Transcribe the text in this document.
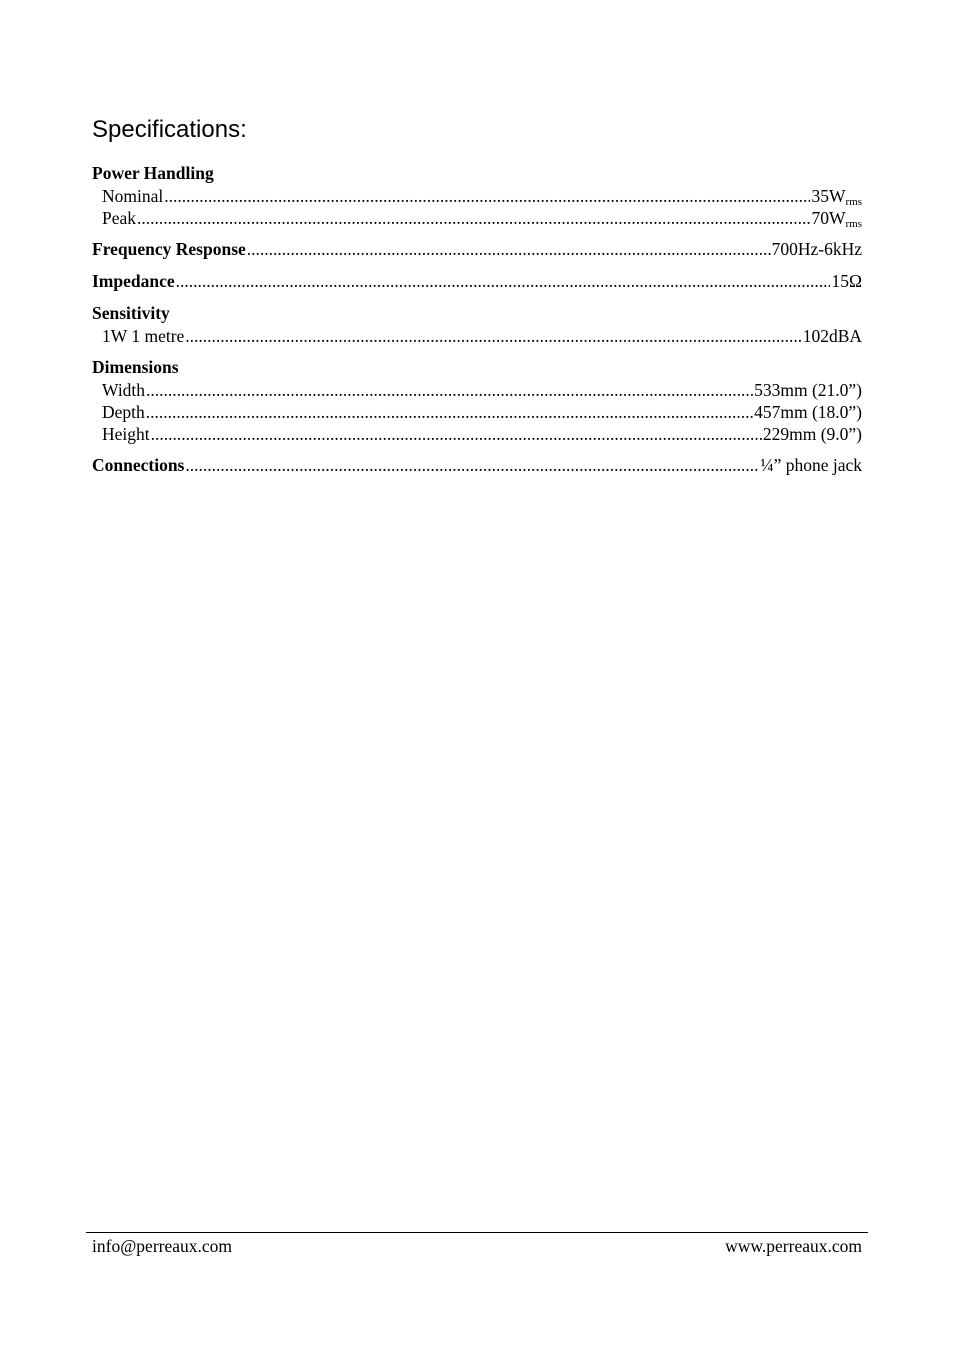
Specifications:
Power Handling
Nominal .....	35Wrms
Peak .....	70Wrms
Frequency Response .....	700Hz-6kHz
Impedance .....	15Ω
Sensitivity
1W 1 metre .....	102dBA
Dimensions
Width .....	533mm (21.0”)
Depth .....	457mm (18.0”)
Height .....	229mm (9.0”)
Connections .....	¼” phone jack
info@perreaux.com	www.perreaux.com
